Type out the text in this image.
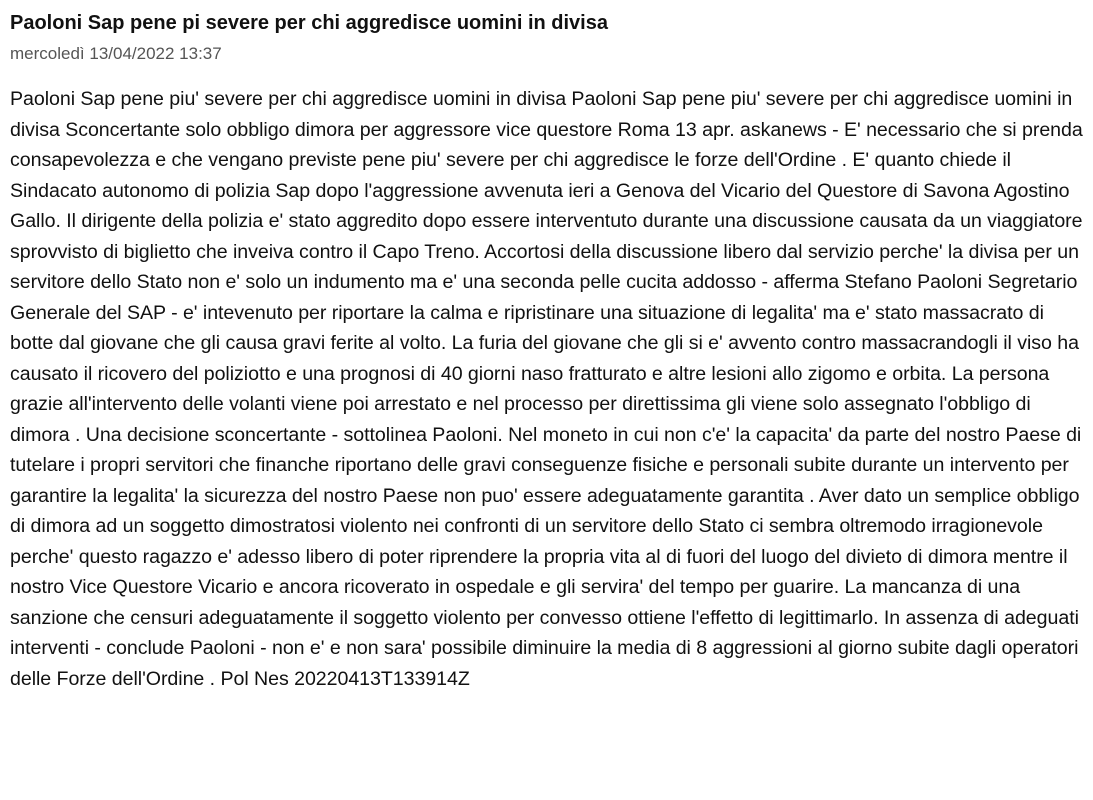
Paoloni Sap pene pi severe per chi aggredisce uomini in divisa
mercoledì 13/04/2022 13:37
Paoloni Sap pene piu' severe per chi aggredisce uomini in divisa Paoloni Sap pene piu' severe per chi aggredisce uomini in divisa Sconcertante solo obbligo dimora per aggressore vice questore Roma 13 apr. askanews - E' necessario che si prenda consapevolezza e che vengano previste pene piu' severe per chi aggredisce le forze dell'Ordine . E' quanto chiede il Sindacato autonomo di polizia Sap dopo l'aggressione avvenuta ieri a Genova del Vicario del Questore di Savona Agostino Gallo. Il dirigente della polizia e' stato aggredito dopo essere interventuto durante una discussione causata da un viaggiatore sprovvisto di biglietto che inveiva contro il Capo Treno. Accortosi della discussione libero dal servizio perche' la divisa per un servitore dello Stato non e' solo un indumento ma e' una seconda pelle cucita addosso - afferma Stefano Paoloni Segretario Generale del SAP - e' intevenuto per riportare la calma e ripristinare una situazione di legalita' ma e' stato massacrato di botte dal giovane che gli causa gravi ferite al volto. La furia del giovane che gli si e' avvento contro massacrandogli il viso ha causato il ricovero del poliziotto e una prognosi di 40 giorni naso fratturato e altre lesioni allo zigomo e orbita. La persona grazie all'intervento delle volanti viene poi arrestato e nel processo per direttissima gli viene solo assegnato l'obbligo di dimora . Una decisione sconcertante - sottolinea Paoloni. Nel moneto in cui non c'e' la capacita' da parte del nostro Paese di tutelare i propri servitori che finanche riportano delle gravi conseguenze fisiche e personali subite durante un intervento per garantire la legalita' la sicurezza del nostro Paese non puo' essere adeguatamente garantita . Aver dato un semplice obbligo di dimora ad un soggetto dimostratosi violento nei confronti di un servitore dello Stato ci sembra oltremodo irragionevole perche' questo ragazzo e' adesso libero di poter riprendere la propria vita al di fuori del luogo del divieto di dimora mentre il nostro Vice Questore Vicario e ancora ricoverato in ospedale e gli servira' del tempo per guarire. La mancanza di una sanzione che censuri adeguatamente il soggetto violento per convesso ottiene l'effetto di legittimarlo. In assenza di adeguati interventi - conclude Paoloni - non e' e non sara' possibile diminuire la media di 8 aggressioni al giorno subite dagli operatori delle Forze dell'Ordine . Pol Nes 20220413T133914Z
